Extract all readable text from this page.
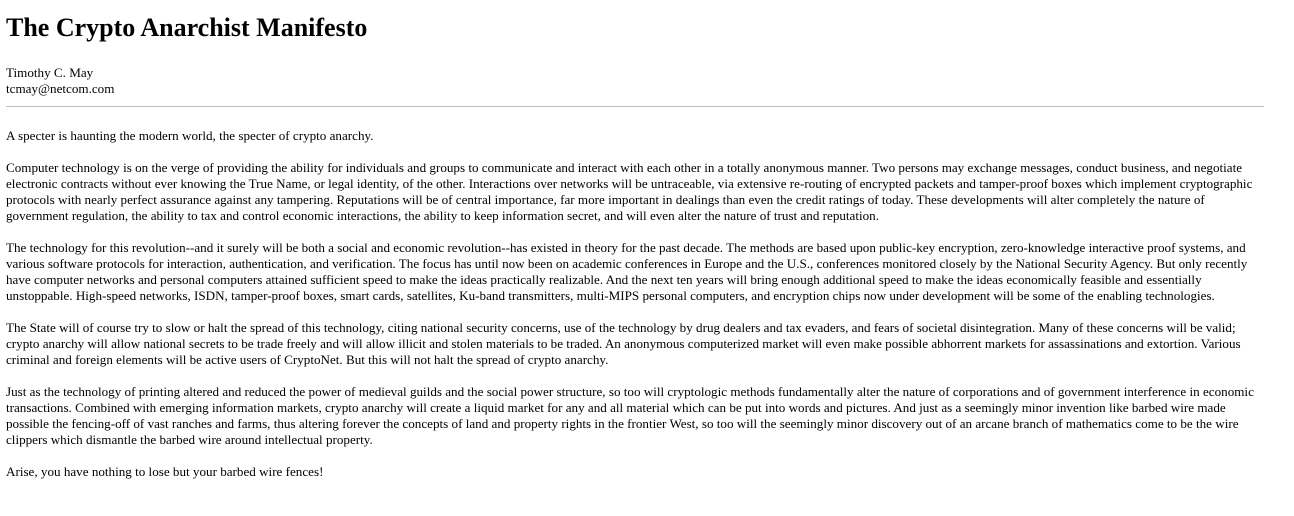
The Crypto Anarchist Manifesto

Timothy C. May
tcmay@netcom.com

A specter is haunting the modern world, the specter of crypto anarchy.

Computer technology is on the verge of providing the ability for individuals and groups to communicate and interact with each other in a totally anonymous manner. Two persons may exchange messages, conduct business, and negotiate electronic contracts without ever knowing the True Name, or legal identity, of the other. Interactions over networks will be untraceable, via extensive re-routing of encrypted packets and tamper-proof boxes which implement cryptographic protocols with nearly perfect assurance against any tampering. Reputations will be of central importance, far more important in dealings than even the credit ratings of today. These developments will alter completely the nature of government regulation, the ability to tax and control economic interactions, the ability to keep information secret, and will even alter the nature of trust and reputation.

The technology for this revolution--and it surely will be both a social and economic revolution--has existed in theory for the past decade. The methods are based upon public-key encryption, zero-knowledge interactive proof systems, and various software protocols for interaction, authentication, and verification. The focus has until now been on academic conferences in Europe and the U.S., conferences monitored closely by the National Security Agency. But only recently have computer networks and personal computers attained sufficient speed to make the ideas practically realizable. And the next ten years will bring enough additional speed to make the ideas economically feasible and essentially unstoppable. High-speed networks, ISDN, tamper-proof boxes, smart cards, satellites, Ku-band transmitters, multi-MIPS personal computers, and encryption chips now under development will be some of the enabling technologies.

The State will of course try to slow or halt the spread of this technology, citing national security concerns, use of the technology by drug dealers and tax evaders, and fears of societal disintegration. Many of these concerns will be valid; crypto anarchy will allow national secrets to be trade freely and will allow illicit and stolen materials to be traded. An anonymous computerized market will even make possible abhorrent markets for assassinations and extortion. Various criminal and foreign elements will be active users of CryptoNet. But this will not halt the spread of crypto anarchy.

Just as the technology of printing altered and reduced the power of medieval guilds and the social power structure, so too will cryptologic methods fundamentally alter the nature of corporations and of government interference in economic transactions. Combined with emerging information markets, crypto anarchy will create a liquid market for any and all material which can be put into words and pictures. And just as a seemingly minor invention like barbed wire made possible the fencing-off of vast ranches and farms, thus altering forever the concepts of land and property rights in the frontier West, so too will the seemingly minor discovery out of an arcane branch of mathematics come to be the wire clippers which dismantle the barbed wire around intellectual property.

Arise, you have nothing to lose but your barbed wire fences!
